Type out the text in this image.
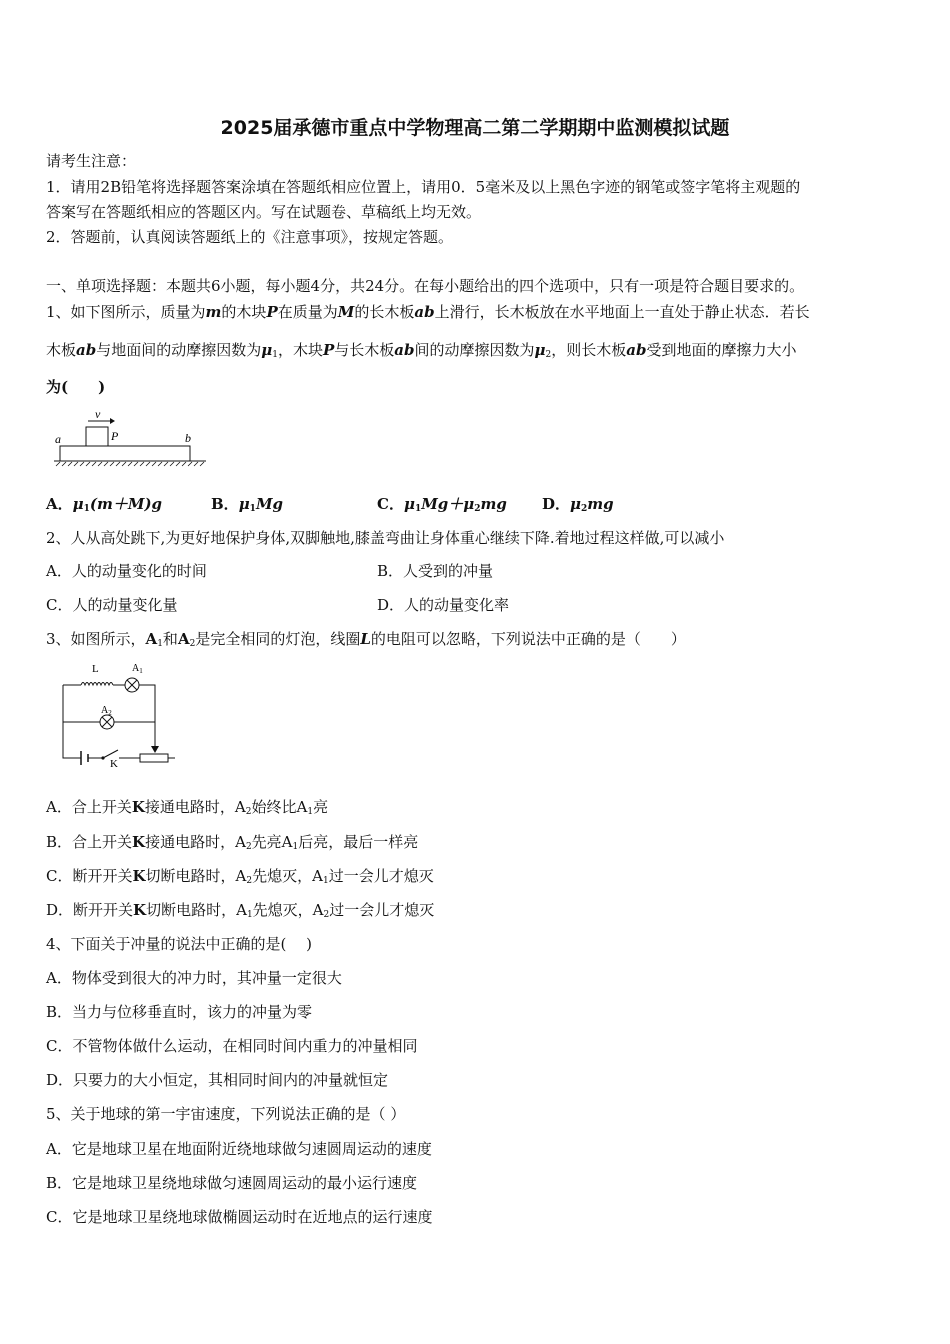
2025届承德市重点中学物理高二第二学期期中监测模拟试题
请考生注意：
1．请用2B铅笔将选择题答案涂填在答题纸相应位置上，请用0．5毫米及以上黑色字迹的钢笔或签字笔将主观题的
答案写在答题纸相应的答题区内。写在试题卷、草稿纸上均无效。
2．答题前，认真阅读答题纸上的《注意事项》，按规定答题。
一、单项选择题：本题共6小题，每小题4分，共24分。在每小题给出的四个选项中，只有一项是符合题目要求的。
1、如下图所示，质量为m的木块P在质量为M的长木板ab上滑行，长木板放在水平地面上一直处于静止状态．若长
木板ab与地面间的动摩擦因数为$\mu_1$，木块P与长木板ab间的动摩擦因数为$\mu_2$，则长木板ab受到地面的摩擦力大小
为(　　)
v
P
a	b
A．$\mu_1(m+M)g$	B．$\mu_1Mg$	C．$\mu_1Mg+\mu_2mg$ D．$\mu_2mg$
2、人从高处跳下,为更好地保护身体,双脚触地,膝盖弯曲让身体重心继续下降.着地过程这样做,可以减小
A．人的动量变化的时间	B．人受到的冲量
C．人的动量变化量	D．人的动量变化率
3、如图所示，$A_1$和$A_2$是完全相同的灯泡，线圈L的电阻可以忽略，下列说法中正确的是（　　）
L	$A_1$
$A_2$
K
A．合上开关K接通电路时，$A_2$始终比$A_1$亮
B．合上开关K接通电路时，$A_2$先亮$A_1$后亮，最后一样亮
C．断开开关K切断电路时，$A_2$先熄灭，$A_1$过一会儿才熄灭
D．断开开关K切断电路时，$A_1$先熄灭，$A_2$过一会儿才熄灭
4、下面关于冲量的说法中正确的是(　 )
A．物体受到很大的冲力时，其冲量一定很大
B．当力与位移垂直时，该力的冲量为零
C．不管物体做什么运动，在相同时间内重力的冲量相同
D．只要力的大小恒定，其相同时间内的冲量就恒定
5、关于地球的第一宇宙速度，下列说法正确的是（ ）
A．它是地球卫星在地面附近绕地球做匀速圆周运动的速度
B．它是地球卫星绕地球做匀速圆周运动的最小运行速度
C．它是地球卫星绕地球做椭圆运动时在近地点的运行速度
